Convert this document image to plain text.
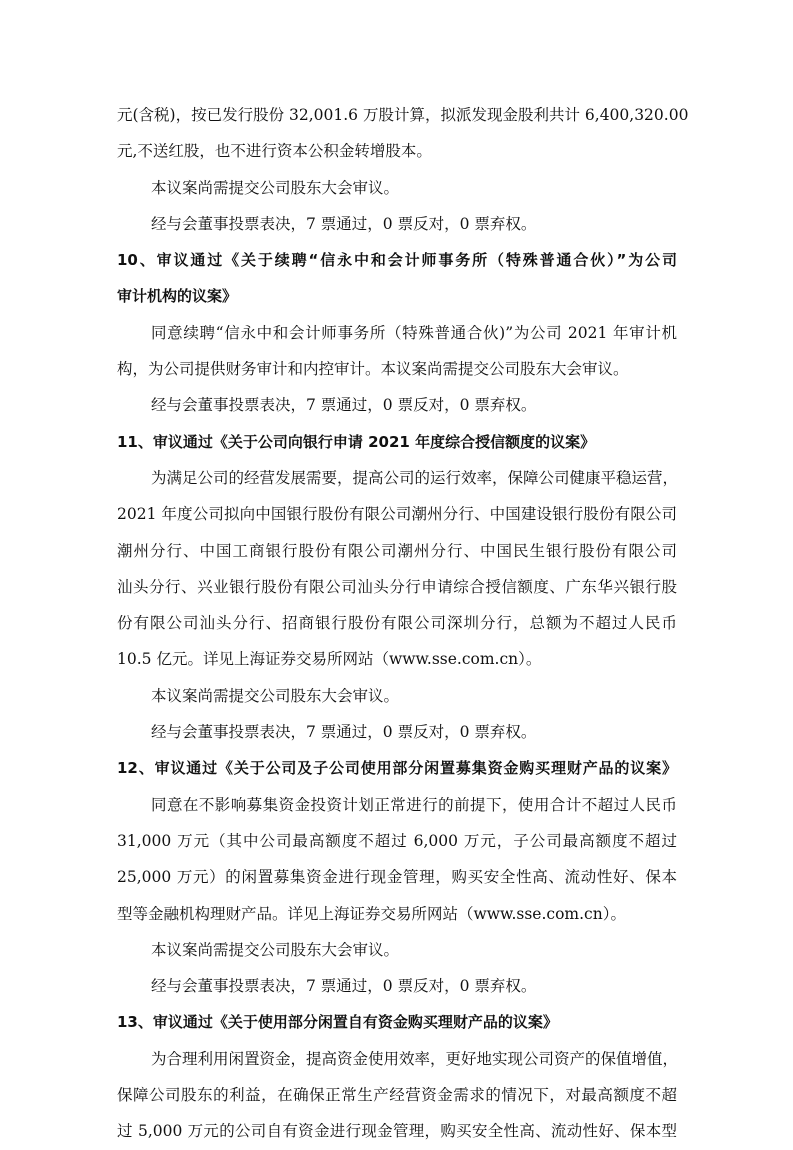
元(含税)，按已发行股份 32,001.6 万股计算，拟派发现金股利共计 6,400,320.00
元,不送红股，也不进行资本公积金转增股本。
本议案尚需提交公司股东大会审议。
经与会董事投票表决，7 票通过，0 票反对，0 票弃权。
10、审议通过《关于续聘“信永中和会计师事务所（特殊普通合伙）”为公司
审计机构的议案》
同意续聘“信永中和会计师事务所（特殊普通合伙)”为公司 2021 年审计机
构，为公司提供财务审计和内控审计。本议案尚需提交公司股东大会审议。
经与会董事投票表决，7 票通过，0 票反对，0 票弃权。
11、审议通过《关于公司向银行申请 2021 年度综合授信额度的议案》
为满足公司的经营发展需要，提高公司的运行效率，保障公司健康平稳运营，
2021 年度公司拟向中国银行股份有限公司潮州分行、中国建设银行股份有限公司
潮州分行、中国工商银行股份有限公司潮州分行、中国民生银行股份有限公司
汕头分行、兴业银行股份有限公司汕头分行申请综合授信额度、广东华兴银行股
份有限公司汕头分行、招商银行股份有限公司深圳分行，总额为不超过人民币
10.5 亿元。详见上海证券交易所网站（www.sse.com.cn）。
本议案尚需提交公司股东大会审议。
经与会董事投票表决，7 票通过，0 票反对，0 票弃权。
12、审议通过《关于公司及子公司使用部分闲置募集资金购买理财产品的议案》
同意在不影响募集资金投资计划正常进行的前提下，使用合计不超过人民币
31,000 万元（其中公司最高额度不超过 6,000 万元，子公司最高额度不超过
25,000 万元）的闲置募集资金进行现金管理，购买安全性高、流动性好、保本
型等金融机构理财产品。详见上海证券交易所网站（www.sse.com.cn）。
本议案尚需提交公司股东大会审议。
经与会董事投票表决，7 票通过，0 票反对，0 票弃权。
13、审议通过《关于使用部分闲置自有资金购买理财产品的议案》
为合理利用闲置资金，提高资金使用效率，更好地实现公司资产的保值增值，
保障公司股东的利益，在确保正常生产经营资金需求的情况下，对最高额度不超
过 5,000 万元的公司自有资金进行现金管理，购买安全性高、流动性好、保本型
